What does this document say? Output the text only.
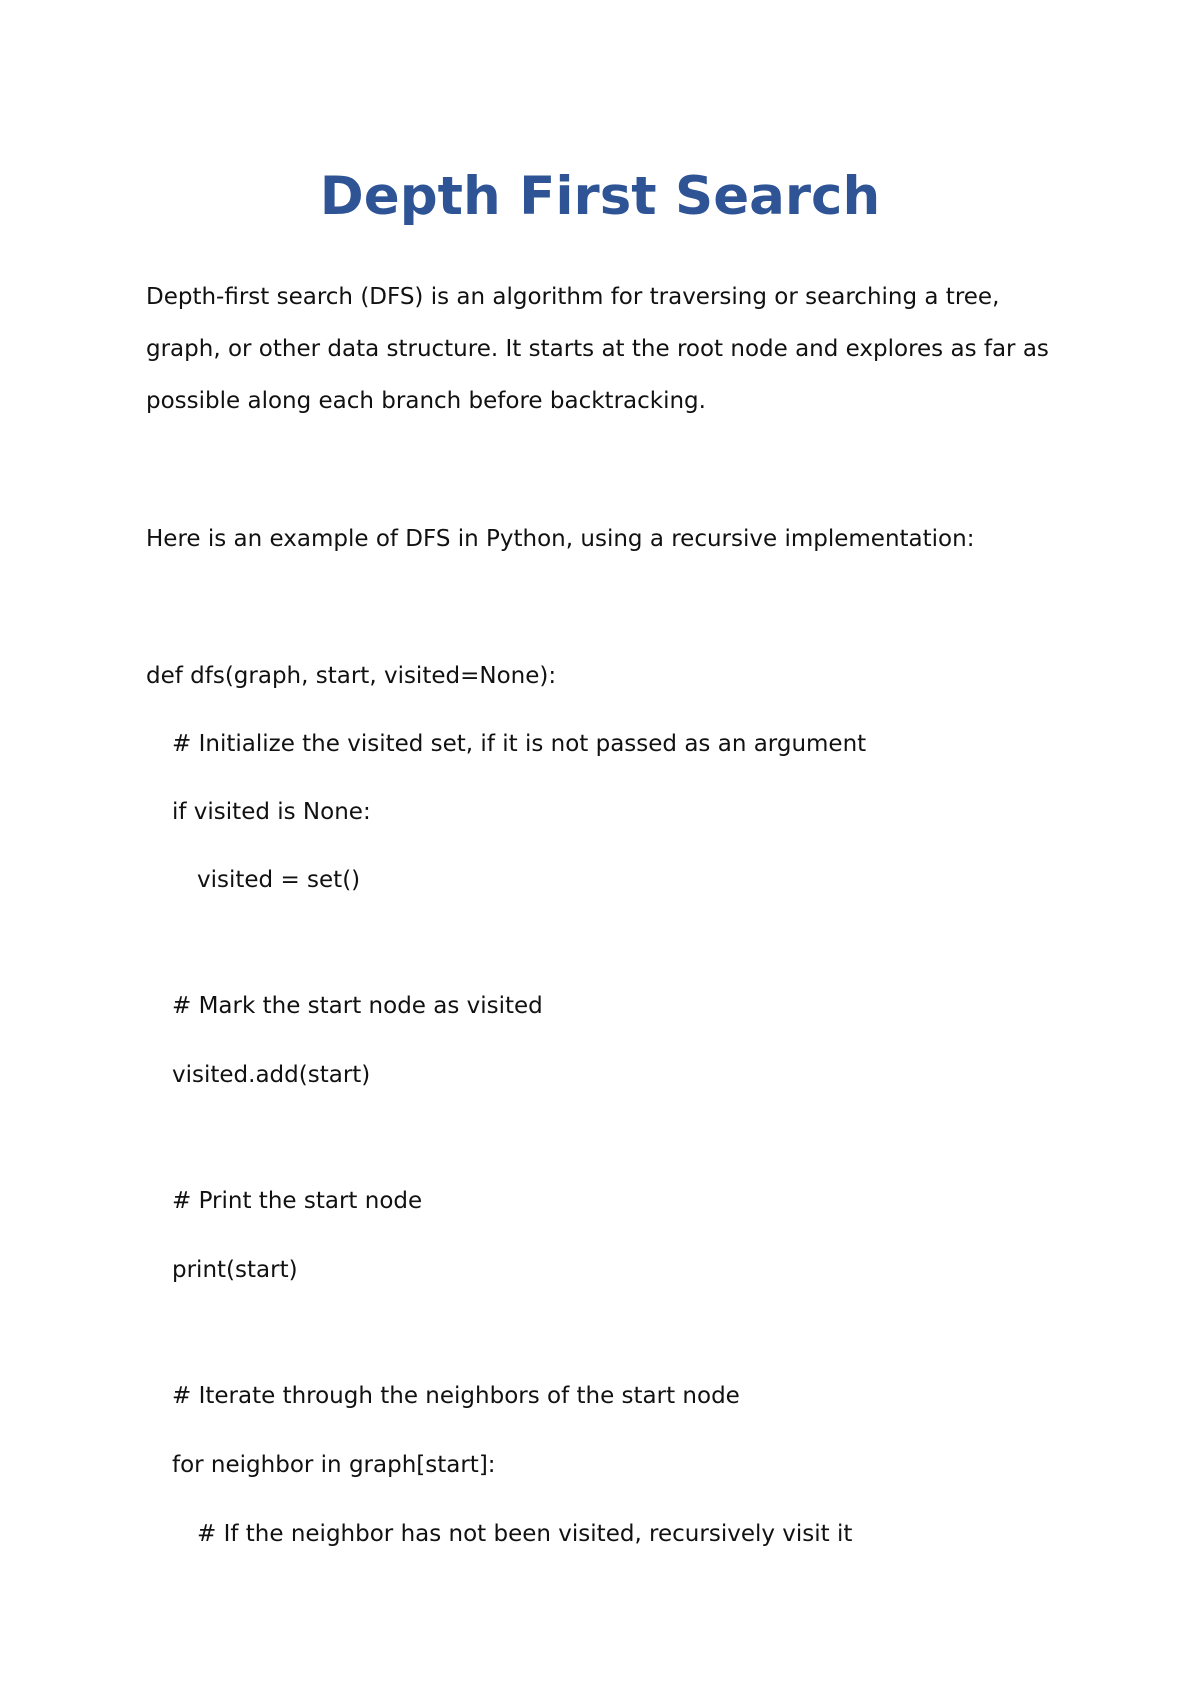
Depth First Search
Depth-first search (DFS) is an algorithm for traversing or searching a tree,
graph, or other data structure. It starts at the root node and explores as far as
possible along each branch before backtracking.
Here is an example of DFS in Python, using a recursive implementation:
def dfs(graph, start, visited=None):
# Initialize the visited set, if it is not passed as an argument
if visited is None:
visited = set()
# Mark the start node as visited
visited.add(start)
# Print the start node
print(start)
# Iterate through the neighbors of the start node
for neighbor in graph[start]:
# If the neighbor has not been visited, recursively visit it
